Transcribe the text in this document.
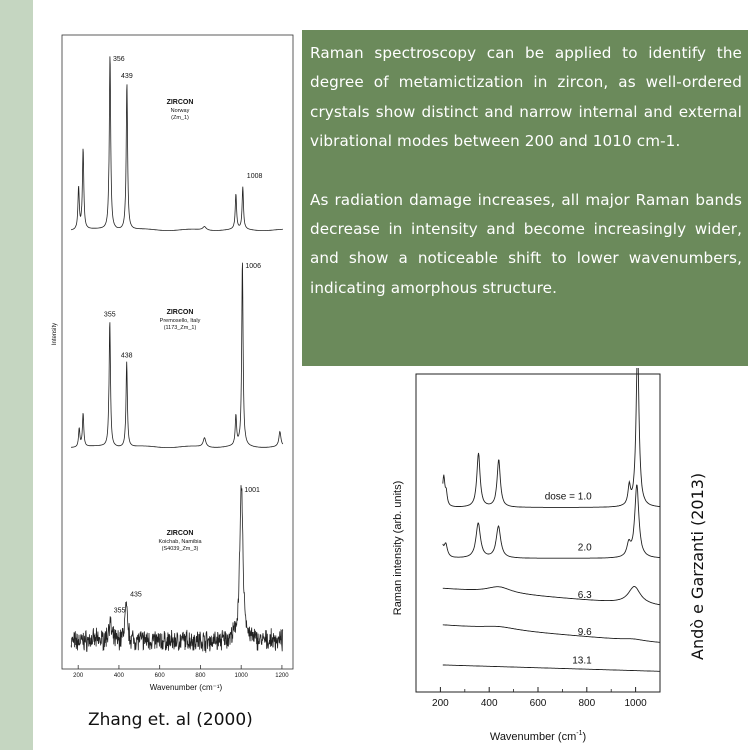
Intensity
356
439
1008
ZIRCON
Norway
(Zm_1)
355
438
1006
ZIRCON
Premosello, Italy
(1173_Zm_1)
355
435
1001
ZIRCON
Koichab, Namibia
(S4039_Zm_3)
200	400	600	800	1000	1200
Wavenumber (cm⁻¹)

Raman spectroscopy can be applied to identify the degree of metamictization in zircon, as well-ordered crystals show distinct and narrow internal and external vibrational modes between 200 and 1010 cm-1.

As radiation damage increases, all major Raman bands decrease in intensity and become increasingly wider, and show a noticeable shift to lower wavenumbers, indicating amorphous structure.

Raman intensity (arb. units)	dose = 1.0
2.0
6.3
9.6
13.1
200	400	600	800	1000
Wavenumber $(cm^{-1})$
Zhang et. al (2000)
Andò e Garzanti (2013)
